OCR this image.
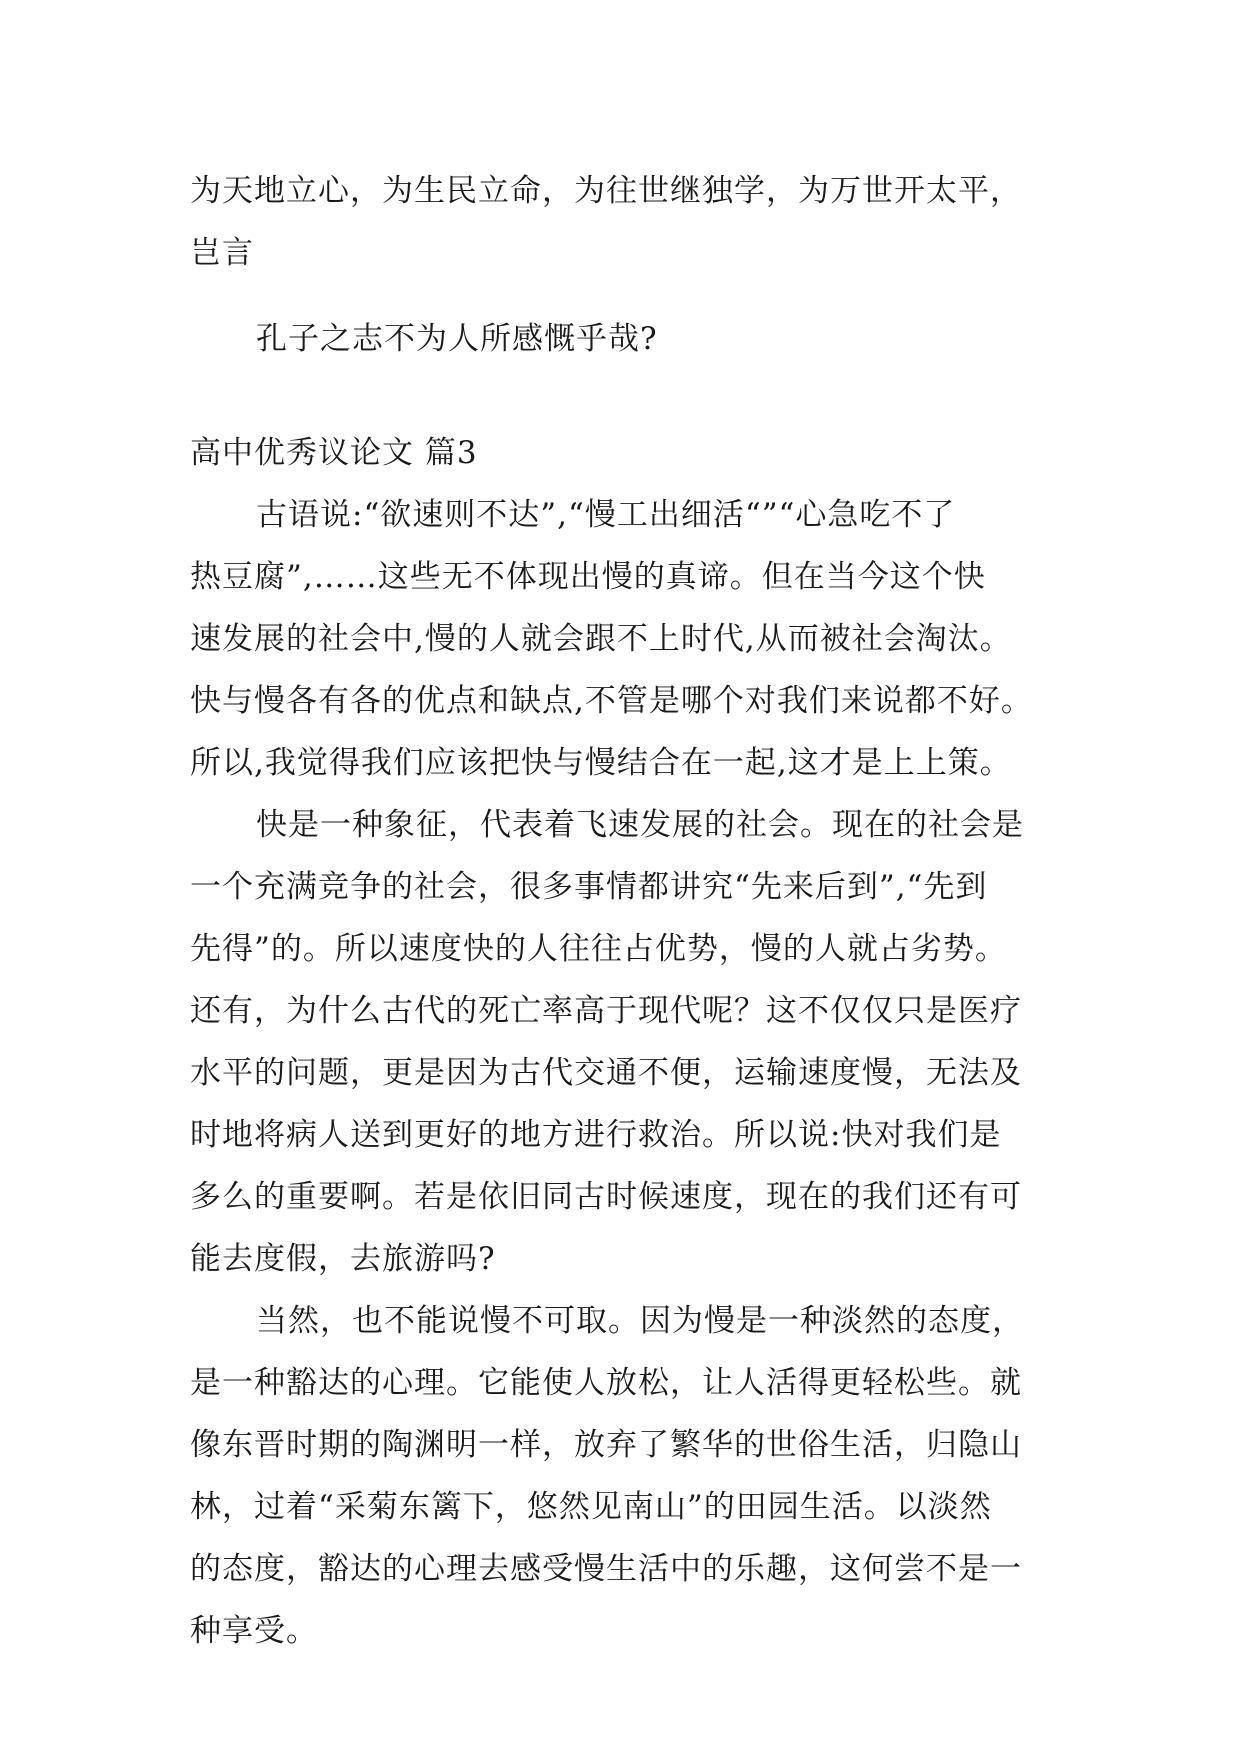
为天地立心，为生民立命，为往世继独学，为万世开太平，
岂言
孔子之志不为人所感慨乎哉?
高中优秀议论文 篇3
古语说:“欲速则不达”,“慢工出细活“”“心急吃不了
热豆腐”,……这些无不体现出慢的真谛。但在当今这个快
速发展的社会中,慢的人就会跟不上时代,从而被社会淘汰。
快与慢各有各的优点和缺点,不管是哪个对我们来说都不好。
所以,我觉得我们应该把快与慢结合在一起,这才是上上策。
快是一种象征，代表着飞速发展的社会。现在的社会是
一个充满竞争的社会，很多事情都讲究“先来后到”,“先到
先得”的。所以速度快的人往往占优势，慢的人就占劣势。
还有，为什么古代的死亡率高于现代呢？这不仅仅只是医疗
水平的问题，更是因为古代交通不便，运输速度慢，无法及
时地将病人送到更好的地方进行救治。所以说:快对我们是
多么的重要啊。若是依旧同古时候速度，现在的我们还有可
能去度假，去旅游吗?
当然，也不能说慢不可取。因为慢是一种淡然的态度，
是一种豁达的心理。它能使人放松，让人活得更轻松些。就
像东晋时期的陶渊明一样，放弃了繁华的世俗生活，归隐山
林，过着“采菊东篱下，悠然见南山”的田园生活。以淡然
的态度，豁达的心理去感受慢生活中的乐趣，这何尝不是一
种享受。
